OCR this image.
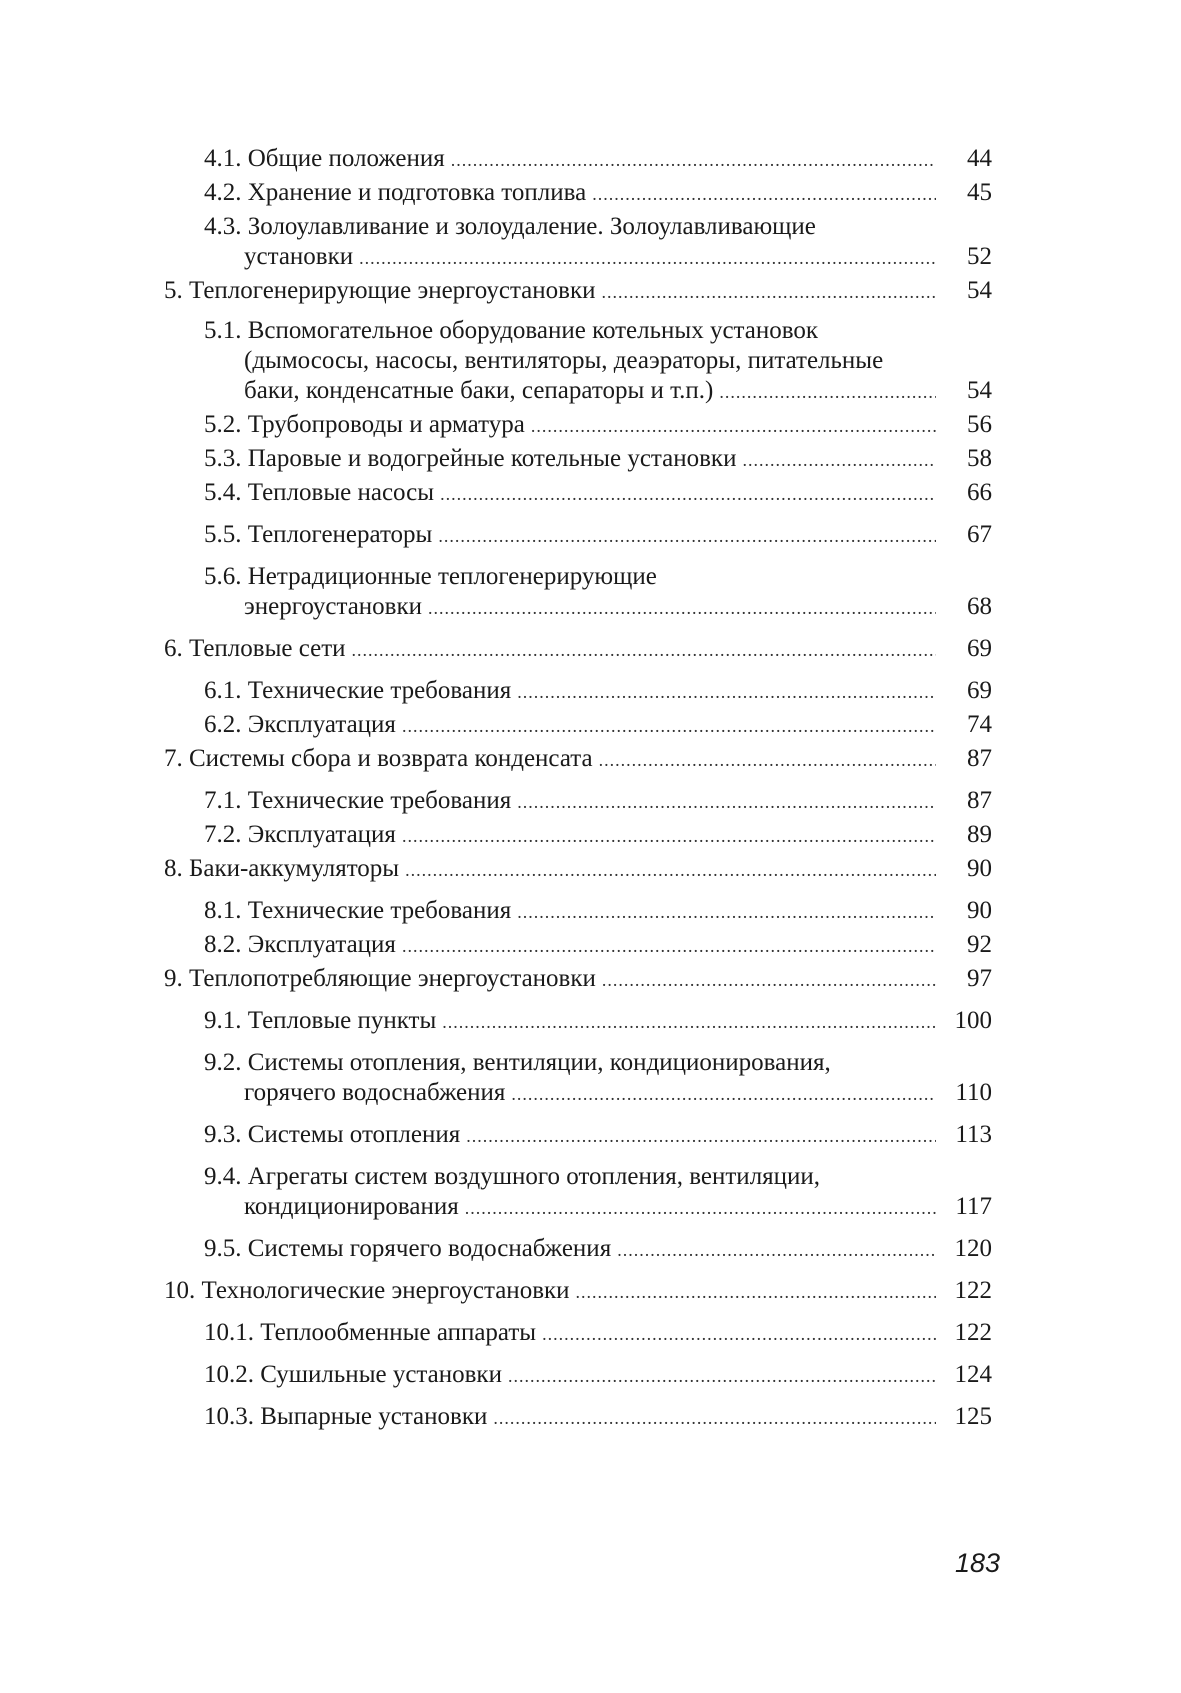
4.1. Общие положения .....	44
4.2. Хранение и подготовка топлива .....	45
4.3. Золоулавливание и золоудаление. Золоулавливающие
установки .....	52
5. Теплогенерирующие энергоустановки .....	54
5.1. Вспомогательное оборудование котельных установок
(дымососы, насосы, вентиляторы, деаэраторы, питательные
баки, конденсатные баки, сепараторы и т.п.) .....	54
5.2. Трубопроводы и арматура .....	56
5.3. Паровые и водогрейные котельные установки .....	58
5.4. Тепловые насосы .....	66
5.5. Теплогенераторы .....	67
5.6. Нетрадиционные теплогенерирующие
энергоустановки .....	68
6. Тепловые сети .....	69
6.1. Технические требования .....	69
6.2. Эксплуатация .....	74
7. Системы сбора и возврата конденсата .....	87
7.1. Технические требования .....	87
7.2. Эксплуатация .....	89
8. Баки-аккумуляторы .....	90
8.1. Технические требования .....	90
8.2. Эксплуатация .....	92
9. Теплопотребляющие энергоустановки .....	97
9.1. Тепловые пункты .....	100
9.2. Системы отопления, вентиляции, кондиционирования,
горячего водоснабжения .....	110
9.3. Системы отопления .....	113
9.4. Агрегаты систем воздушного отопления, вентиляции,
кондиционирования .....	117
9.5. Системы горячего водоснабжения .....	120
10. Технологические энергоустановки .....	122
10.1. Теплообменные аппараты .....	122
10.2. Сушильные установки .....	124
10.3. Выпарные установки .....	125
183
